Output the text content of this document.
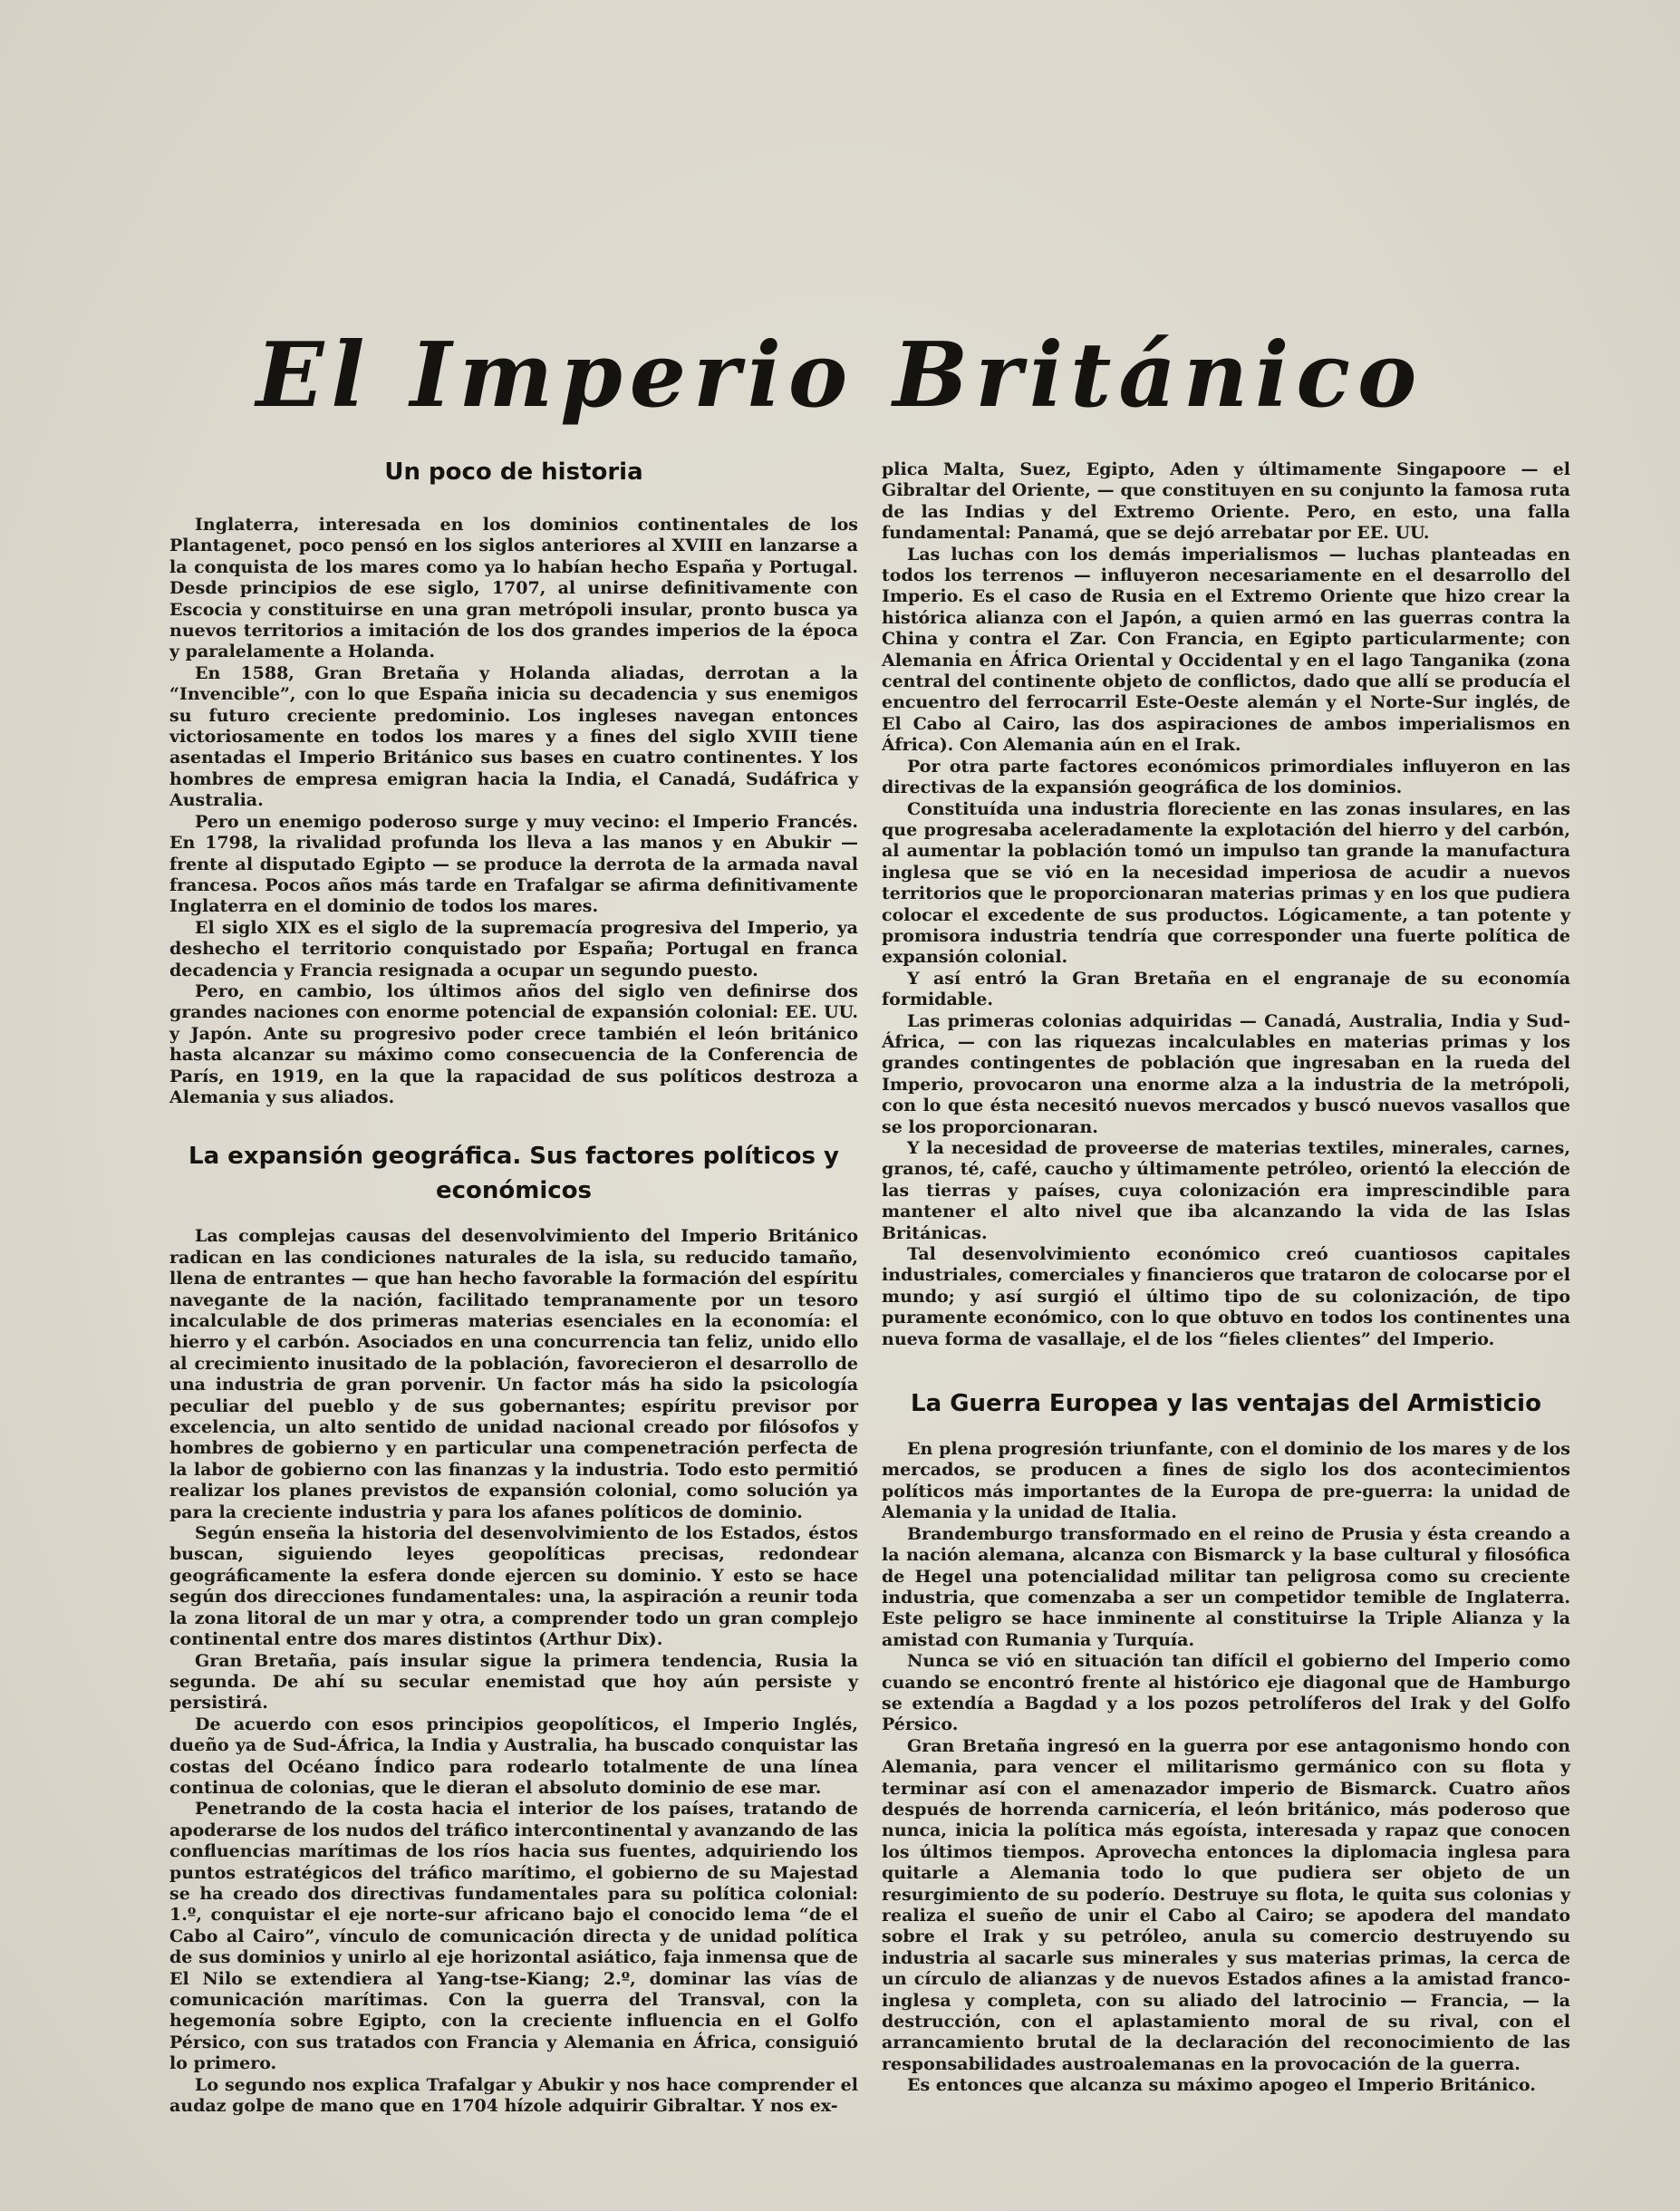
El Imperio Británico
Un poco de historia

Inglaterra, interesada en los dominios continentales de los Plantagenet, poco pensó en los siglos anteriores al XVIII en lanzarse a la conquista de los mares como ya lo habían hecho España y Portugal. Desde principios de ese siglo, 1707, al unirse definitivamente con Escocia y constituirse en una gran metrópoli insular, pronto busca ya nuevos territorios a imitación de los dos grandes imperios de la época y paralelamente a Holanda.

En 1588, Gran Bretaña y Holanda aliadas, derrotan a la “Invencible”, con lo que España inicia su decadencia y sus enemigos su futuro creciente predominio. Los ingleses navegan entonces victoriosamente en todos los mares y a fines del siglo XVIII tiene asentadas el Imperio Británico sus bases en cuatro continentes. Y los hombres de empresa emigran hacia la India, el Canadá, Sudáfrica y Australia.

Pero un enemigo poderoso surge y muy vecino: el Imperio Francés. En 1798, la rivalidad profunda los lleva a las manos y en Abukir — frente al disputado Egipto — se produce la derrota de la armada naval francesa. Pocos años más tarde en Trafalgar se afirma definitivamente Inglaterra en el dominio de todos los mares.

El siglo XIX es el siglo de la supremacía progresiva del Imperio, ya deshecho el territorio conquistado por España; Portugal en franca decadencia y Francia resignada a ocupar un segundo puesto.

Pero, en cambio, los últimos años del siglo ven definirse dos grandes naciones con enorme potencial de expansión colonial: EE. UU. y Japón. Ante su progresivo poder crece también el león británico hasta alcanzar su máximo como consecuencia de la Conferencia de París, en 1919, en la que la rapacidad de sus políticos destroza a Alemania y sus aliados.

La expansión geográfica. Sus factores políticos y económicos

Las complejas causas del desenvolvimiento del Imperio Británico radican en las condiciones naturales de la isla, su reducido tamaño, llena de entrantes — que han hecho favorable la formación del espíritu navegante de la nación, facilitado tempranamente por un tesoro incalculable de dos primeras materias esenciales en la economía: el hierro y el carbón. Asociados en una concurrencia tan feliz, unido ello al crecimiento inusitado de la población, favorecieron el desarrollo de una industria de gran porvenir. Un factor más ha sido la psicología peculiar del pueblo y de sus gobernantes; espíritu previsor por excelencia, un alto sentido de unidad nacional creado por filósofos y hombres de gobierno y en particular una compenetración perfecta de la labor de gobierno con las finanzas y la industria. Todo esto permitió realizar los planes previstos de expansión colonial, como solución ya para la creciente industria y para los afanes políticos de dominio.

Según enseña la historia del desenvolvimiento de los Estados, éstos buscan, siguiendo leyes geopolíticas precisas, redondear geográficamente la esfera donde ejercen su dominio. Y esto se hace según dos direcciones fundamentales: una, la aspiración a reunir toda la zona litoral de un mar y otra, a comprender todo un gran complejo continental entre dos mares distintos (Arthur Dix).

Gran Bretaña, país insular sigue la primera tendencia, Rusia la segunda. De ahí su secular enemistad que hoy aún persiste y persistirá.

De acuerdo con esos principios geopolíticos, el Imperio Inglés, dueño ya de Sud-África, la India y Australia, ha buscado conquistar las costas del Océano Índico para rodearlo totalmente de una línea continua de colonias, que le dieran el absoluto dominio de ese mar.

Penetrando de la costa hacia el interior de los países, tratando de apoderarse de los nudos del tráfico intercontinental y avanzando de las confluencias marítimas de los ríos hacia sus fuentes, adquiriendo los puntos estratégicos del tráfico marítimo, el gobierno de su Majestad se ha creado dos directivas fundamentales para su política colonial: 1.º, conquistar el eje norte-sur africano bajo el conocido lema “de el Cabo al Cairo”, vínculo de comunicación directa y de unidad política de sus dominios y unirlo al eje horizontal asiático, faja inmensa que de El Nilo se extendiera al Yang-tse-Kiang; 2.º, dominar las vías de comunicación marítimas. Con la guerra del Transval, con la hegemonía sobre Egipto, con la creciente influencia en el Golfo Pérsico, con sus tratados con Francia y Alemania en África, consiguió lo primero.

Lo segundo nos explica Trafalgar y Abukir y nos hace comprender el audaz golpe de mano que en 1704 hízole adquirir Gibraltar. Y nos ex-

plica Malta, Suez, Egipto, Aden y últimamente Singapoore — el Gibraltar del Oriente, — que constituyen en su conjunto la famosa ruta de las Indias y del Extremo Oriente. Pero, en esto, una falla fundamental: Panamá, que se dejó arrebatar por EE. UU.

Las luchas con los demás imperialismos — luchas planteadas en todos los terrenos — influyeron necesariamente en el desarrollo del Imperio. Es el caso de Rusia en el Extremo Oriente que hizo crear la histórica alianza con el Japón, a quien armó en las guerras contra la China y contra el Zar. Con Francia, en Egipto particularmente; con Alemania en África Oriental y Occidental y en el lago Tanganika (zona central del continente objeto de conflictos, dado que allí se producía el encuentro del ferrocarril Este-Oeste alemán y el Norte-Sur inglés, de El Cabo al Cairo, las dos aspiraciones de ambos imperialismos en África). Con Alemania aún en el Irak.

Por otra parte factores económicos primordiales influyeron en las directivas de la expansión geográfica de los dominios.

Constituída una industria floreciente en las zonas insulares, en las que progresaba aceleradamente la explotación del hierro y del carbón, al aumentar la población tomó un impulso tan grande la manufactura inglesa que se vió en la necesidad imperiosa de acudir a nuevos territorios que le proporcionaran materias primas y en los que pudiera colocar el excedente de sus productos. Lógicamente, a tan potente y promisora industria tendría que corresponder una fuerte política de expansión colonial.

Y así entró la Gran Bretaña en el engranaje de su economía formidable.

Las primeras colonias adquiridas — Canadá, Australia, India y Sud-África, — con las riquezas incalculables en materias primas y los grandes contingentes de población que ingresaban en la rueda del Imperio, provocaron una enorme alza a la industria de la metrópoli, con lo que ésta necesitó nuevos mercados y buscó nuevos vasallos que se los proporcionaran.

Y la necesidad de proveerse de materias textiles, minerales, carnes, granos, té, café, caucho y últimamente petróleo, orientó la elección de las tierras y países, cuya colonización era imprescindible para mantener el alto nivel que iba alcanzando la vida de las Islas Británicas.

Tal desenvolvimiento económico creó cuantiosos capitales industriales, comerciales y financieros que trataron de colocarse por el mundo; y así surgió el último tipo de su colonización, de tipo puramente económico, con lo que obtuvo en todos los continentes una nueva forma de vasallaje, el de los “fieles clientes” del Imperio.

La Guerra Europea y las ventajas del Armisticio

En plena progresión triunfante, con el dominio de los mares y de los mercados, se producen a fines de siglo los dos acontecimientos políticos más importantes de la Europa de pre-guerra: la unidad de Alemania y la unidad de Italia.

Brandemburgo transformado en el reino de Prusia y ésta creando a la nación alemana, alcanza con Bismarck y la base cultural y filosófica de Hegel una potencialidad militar tan peligrosa como su creciente industria, que comenzaba a ser un competidor temible de Inglaterra. Este peligro se hace inminente al constituirse la Triple Alianza y la amistad con Rumania y Turquía.

Nunca se vió en situación tan difícil el gobierno del Imperio como cuando se encontró frente al histórico eje diagonal que de Hamburgo se extendía a Bagdad y a los pozos petrolíferos del Irak y del Golfo Pérsico.

Gran Bretaña ingresó en la guerra por ese antagonismo hondo con Alemania, para vencer el militarismo germánico con su flota y terminar así con el amenazador imperio de Bismarck. Cuatro años después de horrenda carnicería, el león británico, más poderoso que nunca, inicia la política más egoísta, interesada y rapaz que conocen los últimos tiempos. Aprovecha entonces la diplomacia inglesa para quitarle a Alemania todo lo que pudiera ser objeto de un resurgimiento de su poderío. Destruye su flota, le quita sus colonias y realiza el sueño de unir el Cabo al Cairo; se apodera del mandato sobre el Irak y su petróleo, anula su comercio destruyendo su industria al sacarle sus minerales y sus materias primas, la cerca de un círculo de alianzas y de nuevos Estados afines a la amistad franco-inglesa y completa, con su aliado del latrocinio — Francia, — la destrucción, con el aplastamiento moral de su rival, con el arrancamiento brutal de la declaración del reconocimiento de las responsabilidades austroalemanas en la provocación de la guerra.

Es entonces que alcanza su máximo apogeo el Imperio Británico.
